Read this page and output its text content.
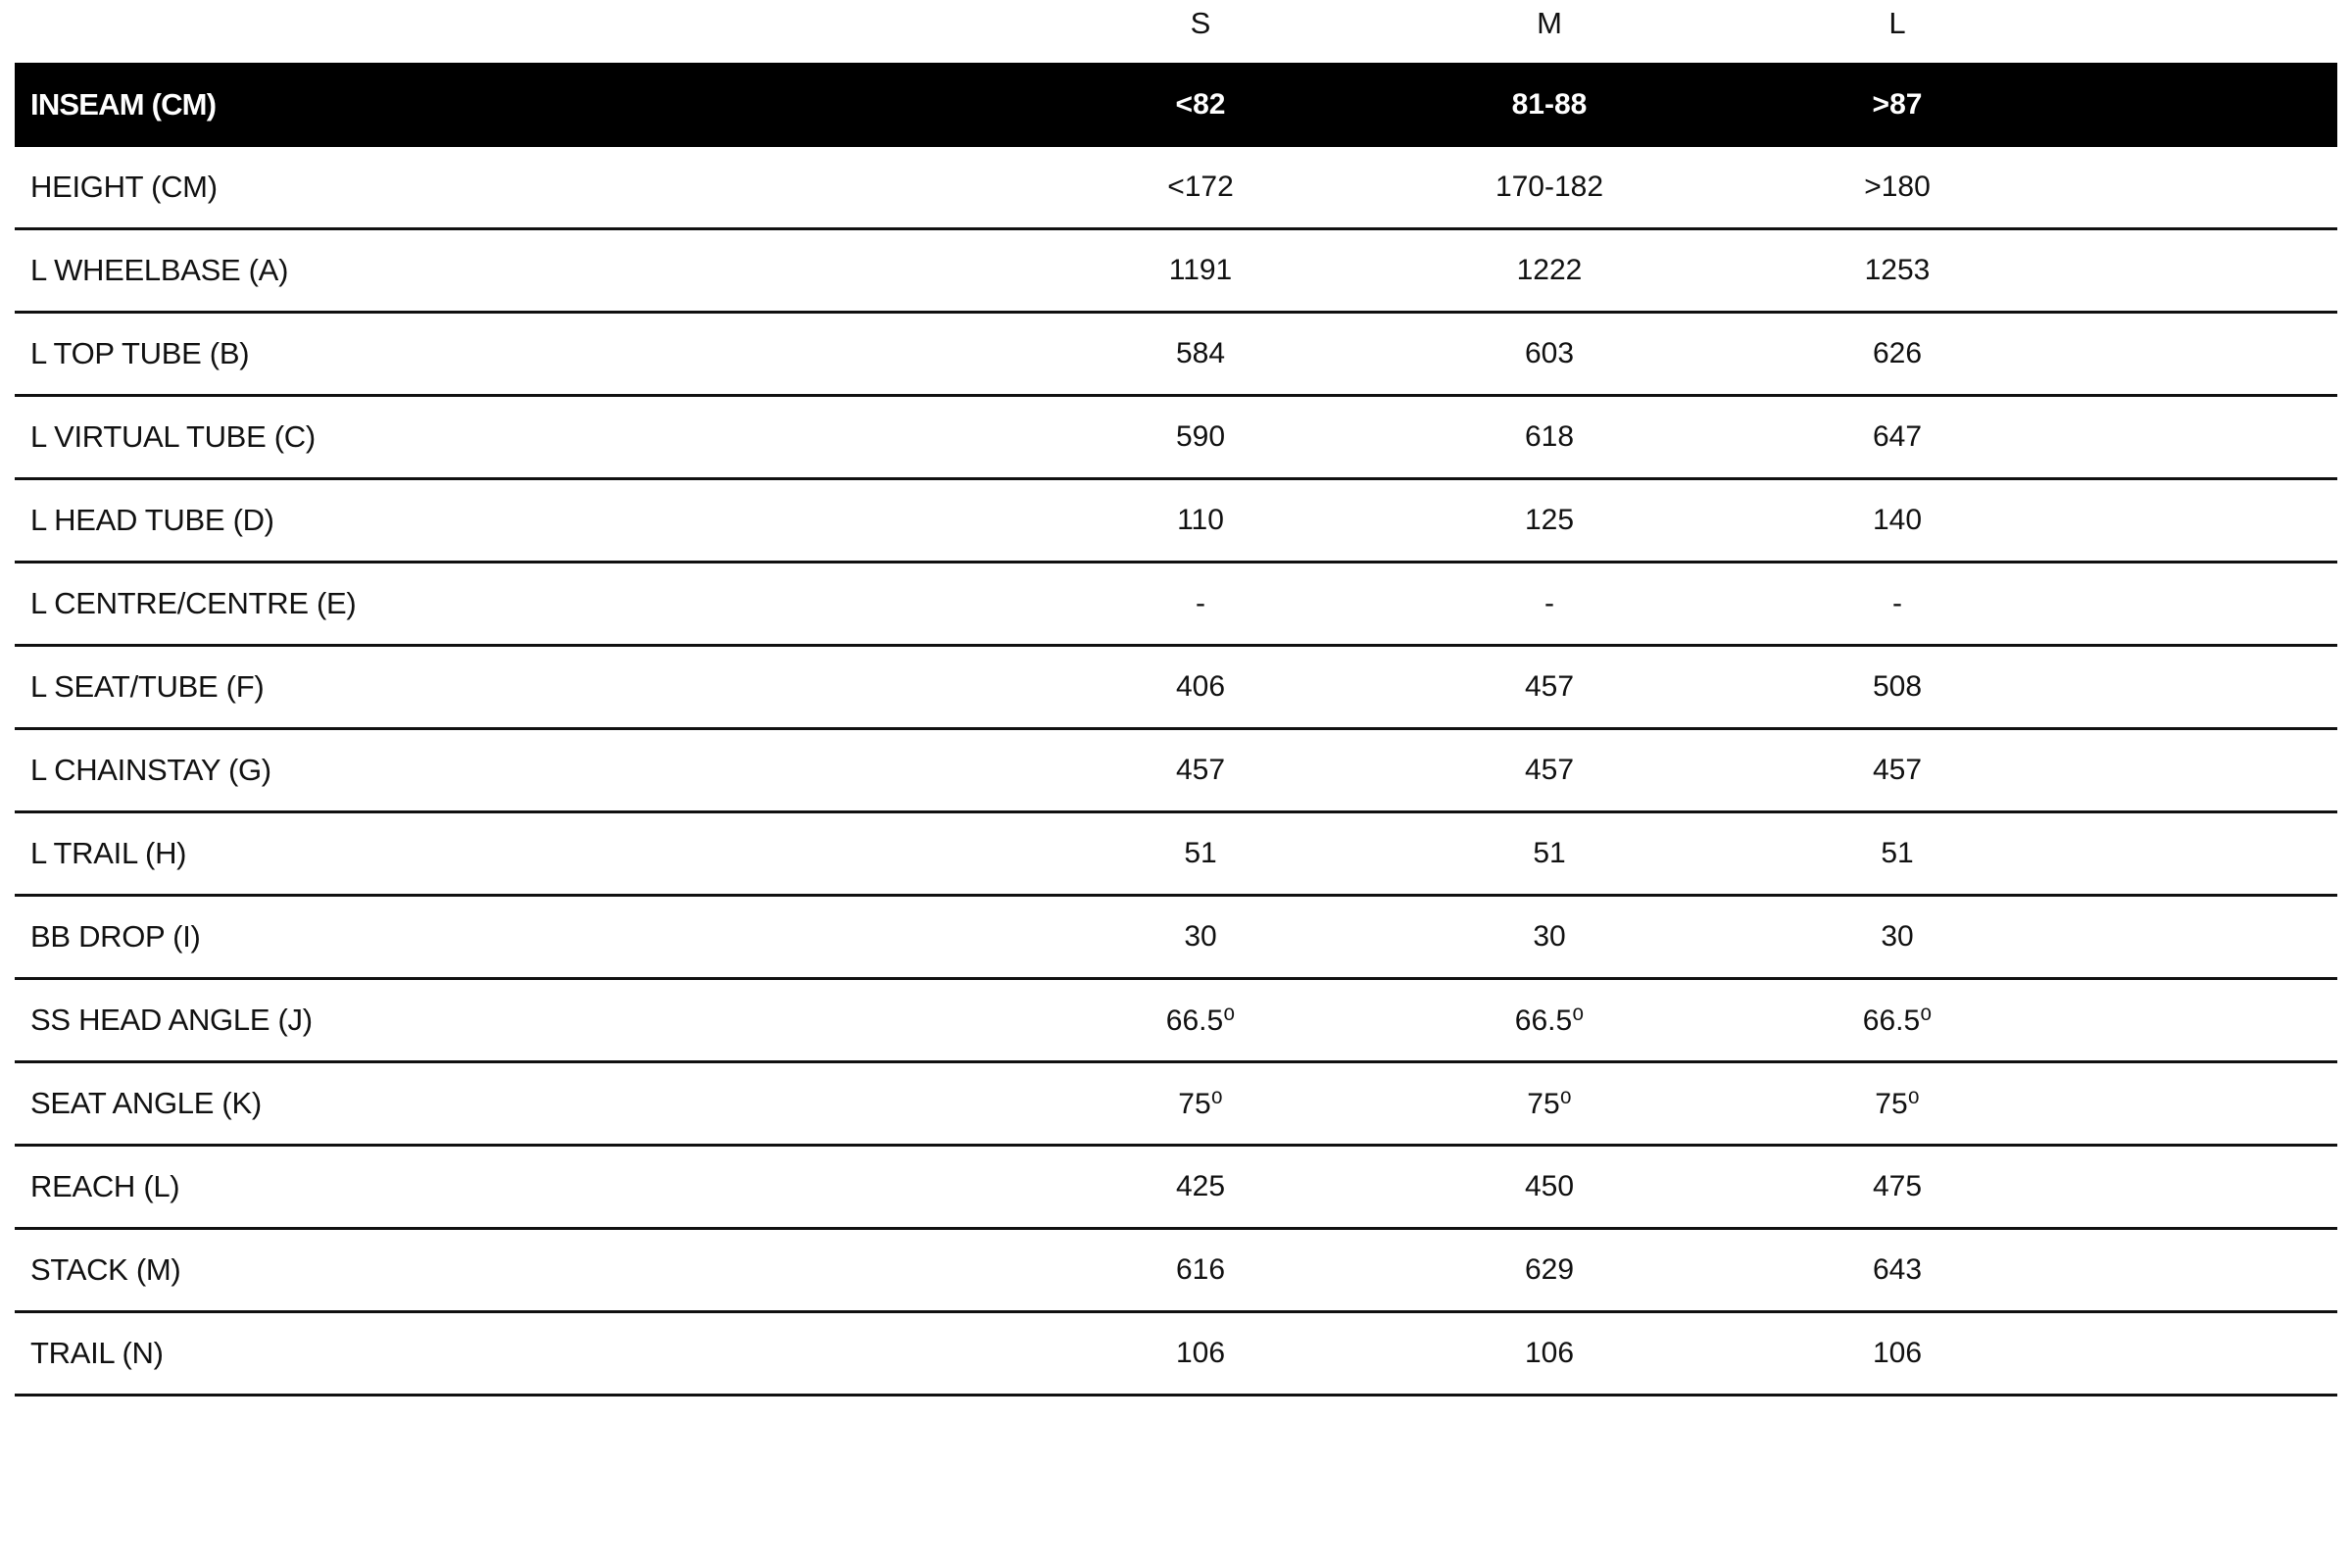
S	M	L
INSEAM (CM)	<82	81-88	>87
HEIGHT (CM)	<172	170-182	>180
L WHEELBASE (A)	1191	1222	1253
L TOP TUBE (B)	584	603	626
L VIRTUAL TUBE (C)	590	618	647
L HEAD TUBE (D)	110	125	140
L CENTRE/CENTRE (E)	-	-	-
L SEAT/TUBE (F)	406	457	508
L CHAINSTAY (G)	457	457	457
L TRAIL (H)	51	51	51
BB DROP (I)	30	30	30
SS HEAD ANGLE (J)	66.5⁰	66.5⁰	66.5⁰
SEAT ANGLE (K)	75⁰	75⁰	75⁰
REACH (L)	425	450	475
STACK (M)	616	629	643
TRAIL (N)	106	106	106
